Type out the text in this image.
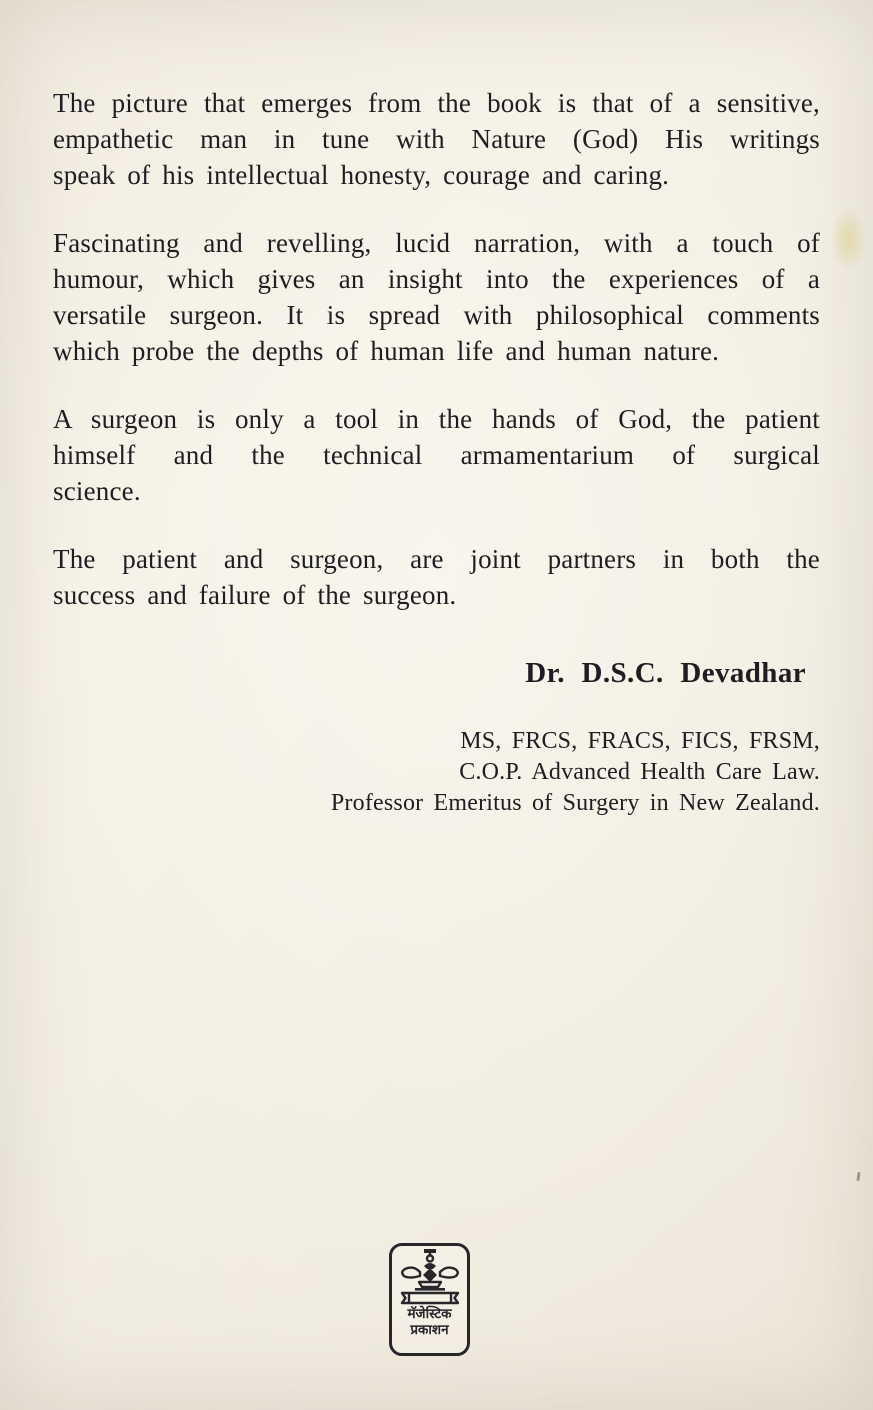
The picture that emerges from the book is that of a sensitive,
empathetic man in tune with Nature (God) His writings
speak of his intellectual honesty, courage and caring.
Fascinating and revelling, lucid narration, with a touch of
humour, which gives an insight into the experiences of a
versatile surgeon. It is spread with philosophical comments
which probe the depths of human life and human nature.
A surgeon is only a tool in the hands of God, the patient
himself and the technical armamentarium of surgical
science.
The patient and surgeon, are joint partners in both the
success and failure of the surgeon.
Dr. D.S.C. Devadhar
MS, FRCS, FRACS, FICS, FRSM,
C.O.P. Advanced Health Care Law.
Professor Emeritus of Surgery in New Zealand.
मॅजेस्टिक
प्रकाशन
